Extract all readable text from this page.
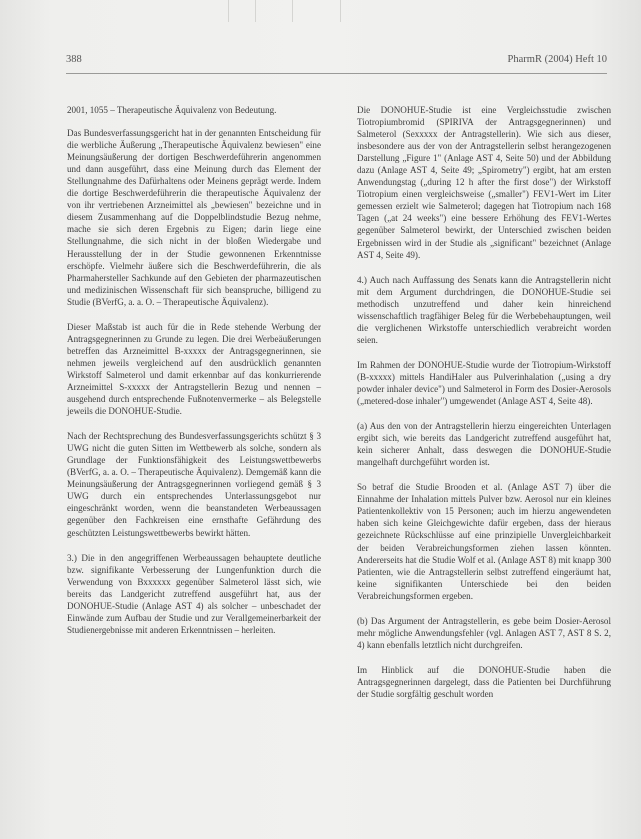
388	PharmR (2004) Heft 10

2001, 1055 – Therapeutische Äquivalenz von Bedeutung.

Das Bundesverfassungsgericht hat in der genannten Entscheidung für die werbliche Äußerung „Therapeutische Äquivalenz bewiesen" eine Meinungsäußerung der dortigen Beschwerdeführerin angenommen und dann ausgeführt, dass eine Meinung durch das Element der Stellungnahme des Dafürhaltens oder Meinens geprägt werde. Indem die dortige Beschwerdeführerin die therapeutische Äquivalenz der von ihr vertriebenen Arzneimittel als „bewiesen" bezeichne und in diesem Zusammenhang auf die Doppelblindstudie Bezug nehme, mache sie sich deren Ergebnis zu Eigen; darin liege eine Stellungnahme, die sich nicht in der bloßen Wiedergabe und Herausstellung der in der Studie gewonnenen Erkenntnisse erschöpfe. Vielmehr äußere sich die Beschwerdeführerin, die als Pharmahersteller Sachkunde auf den Gebieten der pharmazeutischen und medizinischen Wissenschaft für sich beanspruche, billigend zu Studie (BVerfG, a. a. O. – Therapeutische Äquivalenz).

Dieser Maßstab ist auch für die in Rede stehende Werbung der Antragsgegnerinnen zu Grunde zu legen. Die drei Werbeäußerungen betreffen das Arzneimittel B-xxxxx der Antragsgegnerinnen, sie nehmen jeweils vergleichend auf den ausdrücklich genannten Wirkstoff Salmeterol und damit erkennbar auf das konkurrierende Arzneimittel S-xxxxx der Antragstellerin Bezug und nennen – ausgehend durch entsprechende Fußnotenvermerke – als Belegstelle jeweils die DONOHUE-Studie.

Nach der Rechtsprechung des Bundesverfassungsgerichts schützt § 3 UWG nicht die guten Sitten im Wettbewerb als solche, sondern als Grundlage der Funktionsfähigkeit des Leistungswettbewerbs (BVerfG, a. a. O. – Therapeutische Äquivalenz). Demgemäß kann die Meinungsäußerung der Antragsgegnerinnen vorliegend gemäß § 3 UWG durch ein entsprechendes Unterlassungsgebot nur eingeschränkt worden, wenn die beanstandeten Werbeaussagen gegenüber den Fachkreisen eine ernsthafte Gefährdung des geschützten Leistungswettbewerbs bewirkt hätten.

3.) Die in den angegriffenen Werbeaussagen behauptete deutliche bzw. signifikante Verbesserung der Lungenfunktion durch die Verwendung von Bxxxxxx gegenüber Salmeterol lässt sich, wie bereits das Landgericht zutreffend ausgeführt hat, aus der DONOHUE-Studie (Anlage AST 4) als solcher – unbeschadet der Einwände zum Aufbau der Studie und zur Verallgemeinerbarkeit der Studienergebnisse mit anderen Erkenntnissen – herleiten.

Die DONOHUE-Studie ist eine Vergleichsstudie zwischen Tiotropiumbromid (SPIRIVA der Antragsgegnerinnen) und Salmeterol (Sexxxxx der Antragstellerin). Wie sich aus dieser, insbesondere aus der von der Antragstellerin selbst herangezogenen Darstellung „Figure 1" (Anlage AST 4, Seite 50) und der Abbildung dazu (Anlage AST 4, Seite 49; „Spirometry") ergibt, hat am ersten Anwendungstag („during 12 h after the first dose") der Wirkstoff Tiotropium einen vergleichsweise („smaller") FEV1-Wert im Liter gemessen erzielt wie Salmeterol; dagegen hat Tiotropium nach 168 Tagen („at 24 weeks") eine bessere Erhöhung des FEV1-Wertes gegenüber Salmeterol bewirkt, der Unterschied zwischen beiden Ergebnissen wird in der Studie als „significant" bezeichnet (Anlage AST 4, Seite 49).

4.) Auch nach Auffassung des Senats kann die Antragstellerin nicht mit dem Argument durchdringen, die DONOHUE-Studie sei methodisch unzutreffend und daher kein hinreichend wissenschaftlich tragfähiger Beleg für die Werbebehauptungen, weil die verglichenen Wirkstoffe unterschiedlich verabreicht worden seien.

Im Rahmen der DONOHUE-Studie wurde der Tiotropium-Wirkstoff (B-xxxxx) mittels HandiHaler aus Pulverinhalation („using a dry powder inhaler device") und Salmeterol in Form des Dosier-Aerosols („metered-dose inhaler") umgewendet (Anlage AST 4, Seite 48).

(a) Aus den von der Antragstellerin hierzu eingereichten Unterlagen ergibt sich, wie bereits das Landgericht zutreffend ausgeführt hat, kein sicherer Anhalt, dass deswegen die DONOHUE-Studie mangelhaft durchgeführt worden ist.

So betraf die Studie Brooden et al. (Anlage AST 7) über die Einnahme der Inhalation mittels Pulver bzw. Aerosol nur ein kleines Patientenkollektiv von 15 Personen; auch im hierzu angewendeten haben sich keine Gleichgewichte dafür ergeben, dass der hieraus gezeichnete Rückschlüsse auf eine prinzipielle Unvergleichbarkeit der beiden Verabreichungsformen ziehen lassen könnten. Andererseits hat die Studie Wolf et al. (Anlage AST 8) mit knapp 300 Patienten, wie die Antragstellerin selbst zutreffend eingeräumt hat, keine signifikanten Unterschiede bei den beiden Verabreichungsformen ergeben.

(b) Das Argument der Antragstellerin, es gebe beim Dosier-Aerosol mehr mögliche Anwendungsfehler (vgl. Anlagen AST 7, AST 8 S. 2, 4) kann ebenfalls letztlich nicht durchgreifen.

Im Hinblick auf die DONOHUE-Studie haben die Antragsgegnerinnen dargelegt, dass die Patienten bei Durchführung der Studie sorgfältig geschult worden
